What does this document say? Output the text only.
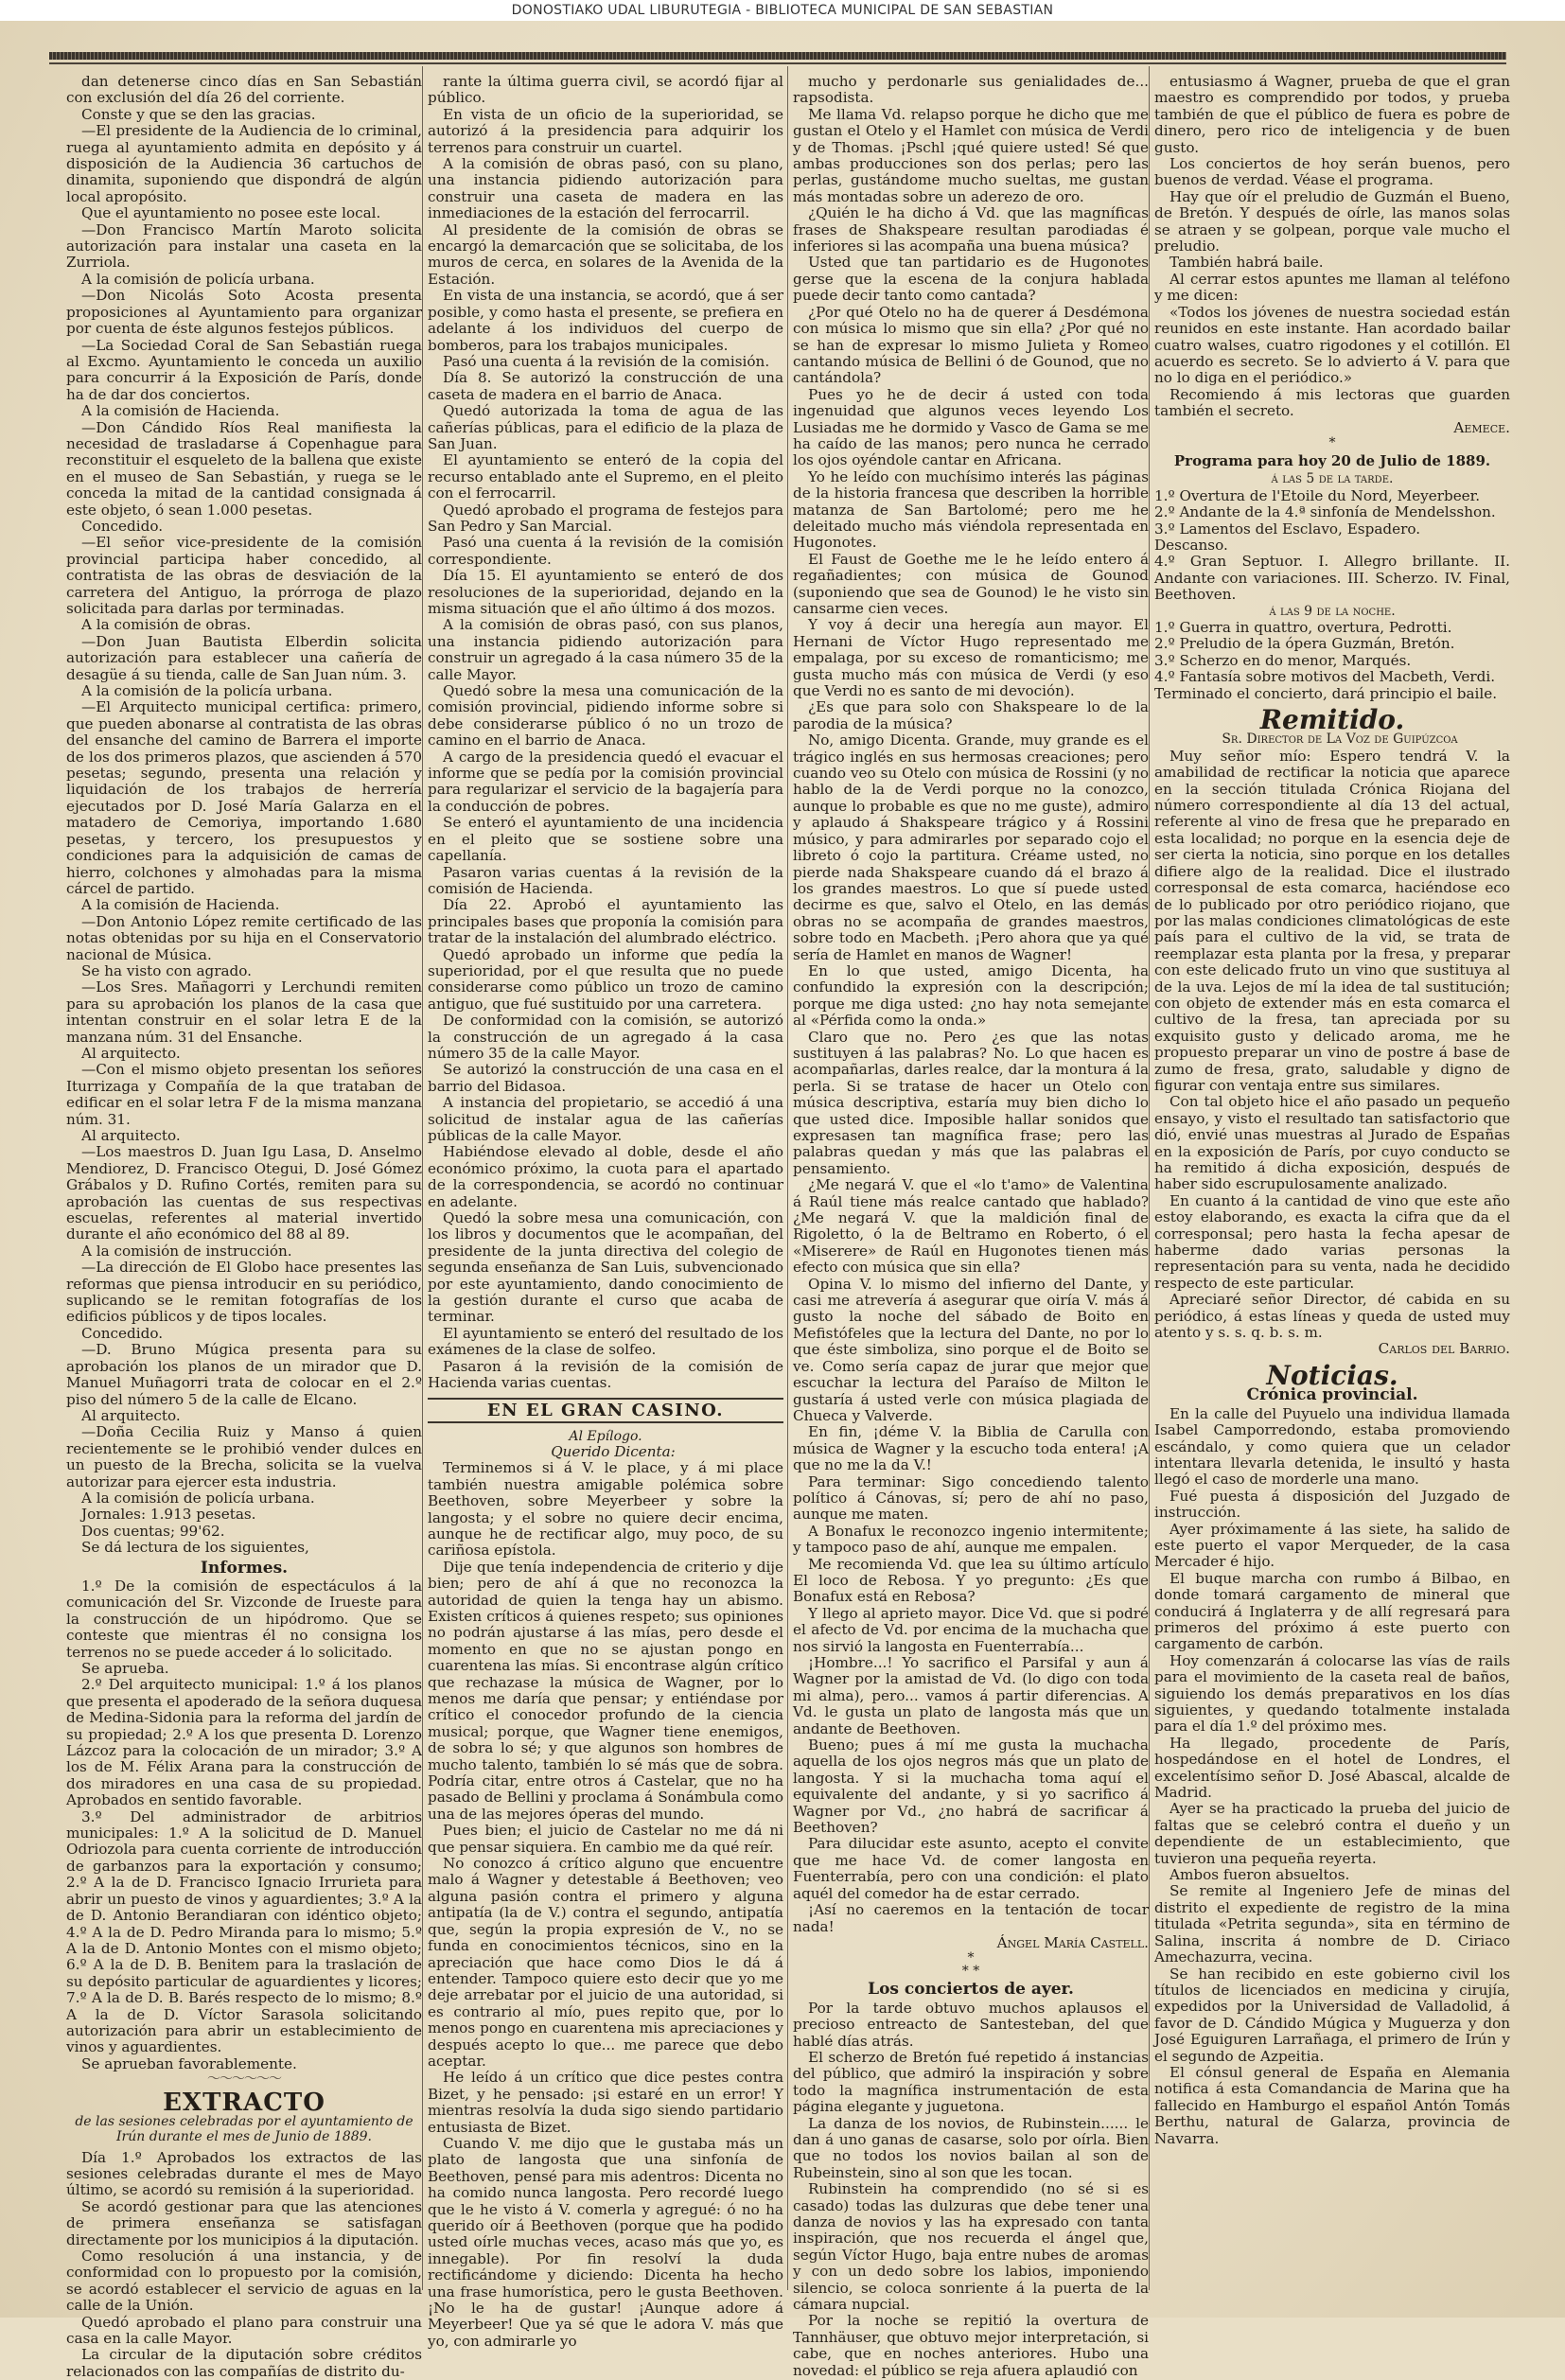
DONOSTIAKO UDAL LIBURUTEGIA - BIBLIOTECA MUNICIPAL DE SAN SEBASTIAN

dan detenerse cinco días en San Sebastián con exclusión del día 26 del corriente.

Conste y que se den las gracias.

—El presidente de la Audiencia de lo criminal, ruega al ayuntamiento admita en depósito y á disposición de la Audiencia 36 cartuchos de dinamita, suponiendo que dispondrá de algún local apropósito.

Que el ayuntamiento no posee este local.

—Don Francisco Martín Maroto solicita autorización para instalar una caseta en la Zurriola.

A la comisión de policía urbana.

—Don Nicolás Soto Acosta presenta proposiciones al Ayuntamiento para organizar por cuenta de éste algunos festejos públicos.

—La Sociedad Coral de San Sebastián ruega al Excmo. Ayuntamiento le conceda un auxilio para concurrir á la Exposición de París, donde ha de dar dos conciertos.

A la comisión de Hacienda.

—Don Cándido Ríos Real manifiesta la necesidad de trasladarse á Copenhague para reconstituir el esqueleto de la ballena que existe en el museo de San Sebastián, y ruega se le conceda la mitad de la cantidad consignada á este objeto, ó sean 1.000 pesetas.

Concedido.

—El señor vice-presidente de la comisión provincial participa haber concedido, al contratista de las obras de desviación de la carretera del Antiguo, la prórroga de plazo solicitada para darlas por terminadas.

A la comisión de obras.

—Don Juan Bautista Elberdin solicita autorización para establecer una cañería de desagüe á su tienda, calle de San Juan núm. 3.

A la comisión de la policía urbana.

—El Arquitecto municipal certifica: primero, que pueden abonarse al contratista de las obras del ensanche del camino de Barrera el importe de los dos primeros plazos, que ascienden á 570 pesetas; segundo, presenta una relación y liquidación de los trabajos de herrería ejecutados por D. José María Galarza en el matadero de Cemoriya, importando 1.680 pesetas, y tercero, los presupuestos y condiciones para la adquisición de camas de hierro, colchones y almohadas para la misma cárcel de partido.

A la comisión de Hacienda.

—Don Antonio López remite certificado de las notas obtenidas por su hija en el Conservatorio nacional de Música.

Se ha visto con agrado.

—Los Sres. Mañagorri y Lerchundi remiten para su aprobación los planos de la casa que intentan construir en el solar letra E de la manzana núm. 31 del Ensanche.

Al arquitecto.

—Con el mismo objeto presentan los señores Iturrizaga y Compañía de la que trataban de edificar en el solar letra F de la misma manzana núm. 31.

Al arquitecto.

—Los maestros D. Juan Igu Lasa, D. Anselmo Mendiorez, D. Francisco Otegui, D. José Gómez Grábalos y D. Rufino Cortés, remiten para su aprobación las cuentas de sus respectivas escuelas, referentes al material invertido durante el año económico del 88 al 89.

A la comisión de instrucción.

—La dirección de El Globo hace presentes las reformas que piensa introducir en su periódico, suplicando se le remitan fotografías de los edificios públicos y de tipos locales.

Concedido.

—D. Bruno Múgica presenta para su aprobación los planos de un mirador que D. Manuel Muñagorri trata de colocar en el 2.º piso del número 5 de la calle de Elcano.

Al arquitecto.

—Doña Cecilia Ruiz y Manso á quien recientemente se le prohibió vender dulces en un puesto de la Brecha, solicita se la vuelva autorizar para ejercer esta industria.

A la comisión de policía urbana.

Jornales: 1.913 pesetas.

Dos cuentas; 99'62.

Se dá lectura de los siguientes,

Informes.

1.º De la comisión de espectáculos á la comunicación del Sr. Vizconde de Irueste para la construcción de un hipódromo. Que se conteste que mientras él no consigna los terrenos no se puede acceder á lo solicitado.

Se aprueba.

2.º Del arquitecto municipal: 1.º á los planos que presenta el apoderado de la señora duquesa de Medina-Sidonia para la reforma del jardín de su propiedad; 2.º A los que presenta D. Lorenzo Lázcoz para la colocación de un mirador; 3.º A los de M. Félix Arana para la construcción de dos miradores en una casa de su propiedad. Aprobados en sentido favorable.

3.º Del administrador de arbitrios municipales: 1.º A la solicitud de D. Manuel Odriozola para cuenta corriente de introducción de garbanzos para la exportación y consumo; 2.º A la de D. Francisco Ignacio Irrurieta para abrir un puesto de vinos y aguardientes; 3.º A la de D. Antonio Berandiaran con idéntico objeto; 4.º A la de D. Pedro Miranda para lo mismo; 5.º A la de D. Antonio Montes con el mismo objeto; 6.º A la de D. B. Benitem para la traslación de su depósito particular de aguardientes y licores; 7.º A la de D. B. Barés respecto de lo mismo; 8.º A la de D. Víctor Sarasola solicitando autorización para abrir un establecimiento de vinos y aguardientes.

Se aprueban favorablemente.

〜〜〜〜〜〜
EXTRACTO
de las sesiones celebradas por el ayuntamiento de Irún durante el mes de Junio de 1889.

Día 1.º Aprobados los extractos de las sesiones celebradas durante el mes de Mayo último, se acordó su remisión á la superioridad.

Se acordó gestionar para que las atenciones de primera enseñanza se satisfagan directamente por los municipios á la diputación.

Como resolución á una instancia, y de conformidad con lo propuesto por la comisión, se acordó establecer el servicio de aguas en la calle de la Unión.

Quedó aprobado el plano para construir una casa en la calle Mayor.

La circular de la diputación sobre créditos relacionados con las compañías de distrito du-

rante la última guerra civil, se acordó fijar al público.

En vista de un oficio de la superioridad, se autorizó á la presidencia para adquirir los terrenos para construir un cuartel.

A la comisión de obras pasó, con su plano, una instancia pidiendo autorización para construir una caseta de madera en las inmediaciones de la estación del ferrocarril.

Al presidente de la comisión de obras se encargó la demarcación que se solicitaba, de los muros de cerca, en solares de la Avenida de la Estación.

En vista de una instancia, se acordó, que á ser posible, y como hasta el presente, se prefiera en adelante á los individuos del cuerpo de bomberos, para los trabajos municipales.

Pasó una cuenta á la revisión de la comisión.

Día 8. Se autorizó la construcción de una caseta de madera en el barrio de Anaca.

Quedó autorizada la toma de agua de las cañerías públicas, para el edificio de la plaza de San Juan.

El ayuntamiento se enteró de la copia del recurso entablado ante el Supremo, en el pleito con el ferrocarril.

Quedó aprobado el programa de festejos para San Pedro y San Marcial.

Pasó una cuenta á la revisión de la comisión correspondiente.

Día 15. El ayuntamiento se enteró de dos resoluciones de la superioridad, dejando en la misma situación que el año último á dos mozos.

A la comisión de obras pasó, con sus planos, una instancia pidiendo autorización para construir un agregado á la casa número 35 de la calle Mayor.

Quedó sobre la mesa una comunicación de la comisión provincial, pidiendo informe sobre si debe considerarse público ó no un trozo de camino en el barrio de Anaca.

A cargo de la presidencia quedó el evacuar el informe que se pedía por la comisión provincial para regularizar el servicio de la bagajería para la conducción de pobres.

Se enteró el ayuntamiento de una incidencia en el pleito que se sostiene sobre una capellanía.

Pasaron varias cuentas á la revisión de la comisión de Hacienda.

Día 22. Aprobó el ayuntamiento las principales bases que proponía la comisión para tratar de la instalación del alumbrado eléctrico.

Quedó aprobado un informe que pedía la superioridad, por el que resulta que no puede considerarse como público un trozo de camino antiguo, que fué sustituido por una carretera.

De conformidad con la comisión, se autorizó la construcción de un agregado á la casa número 35 de la calle Mayor.

Se autorizó la construcción de una casa en el barrio del Bidasoa.

A instancia del propietario, se accedió á una solicitud de instalar agua de las cañerías públicas de la calle Mayor.

Habiéndose elevado al doble, desde el año económico próximo, la cuota para el apartado de la correspondencia, se acordó no continuar en adelante.

Quedó la sobre mesa una comunicación, con los libros y documentos que le acompañan, del presidente de la junta directiva del colegio de segunda enseñanza de San Luis, subvencionado por este ayuntamiento, dando conocimiento de la gestión durante el curso que acaba de terminar.

El ayuntamiento se enteró del resultado de los exámenes de la clase de solfeo.

Pasaron á la revisión de la comisión de Hacienda varias cuentas.

EN EL GRAN CASINO.
Al Epílogo.

Querido Dicenta:

Terminemos si á V. le place, y á mi place también nuestra amigable polémica sobre Beethoven, sobre Meyerbeer y sobre la langosta; y el sobre no quiere decir encima, aunque he de rectificar algo, muy poco, de su cariñosa epístola.

Dije que tenía independencia de criterio y dije bien; pero de ahí á que no reconozca la autoridad de quien la tenga hay un abismo. Existen críticos á quienes respeto; sus opiniones no podrán ajustarse á las mías, pero desde el momento en que no se ajustan pongo en cuarentena las mías. Si encontrase algún crítico que rechazase la música de Wagner, por lo menos me daría que pensar; y entiéndase por crítico el conocedor profundo de la ciencia musical; porque, que Wagner tiene enemigos, de sobra lo sé; y que algunos son hombres de mucho talento, también lo sé más que de sobra. Podría citar, entre otros á Castelar, que no ha pasado de Bellini y proclama á Sonámbula como una de las mejores óperas del mundo.

Pues bien; el juicio de Castelar no me dá ni que pensar siquiera. En cambio me da qué reír.

No conozco á crítico alguno que encuentre malo á Wagner y detestable á Beethoven; veo alguna pasión contra el primero y alguna antipatía (la de V.) contra el segundo, antipatía que, según la propia expresión de V., no se funda en conocimientos técnicos, sino en la apreciación que hace como Dios le dá á entender. Tampoco quiere esto decir que yo me deje arrebatar por el juicio de una autoridad, si es contrario al mío, pues repito que, por lo menos pongo en cuarentena mis apreciaciones y después acepto lo que... me parece que debo aceptar.

He leído á un crítico que dice pestes contra Bizet, y he pensado: ¡si estaré en un error! Y mientras resolvía la duda sigo siendo partidario entusiasta de Bizet.

Cuando V. me dijo que le gustaba más un plato de langosta que una sinfonía de Beethoven, pensé para mis adentros: Dicenta no ha comido nunca langosta. Pero recordé luego que le he visto á V. comerla y agregué: ó no ha querido oír á Beethoven (porque que ha podido usted oírle muchas veces, acaso más que yo, es innegable). Por fin resolví la duda rectificándome y diciendo: Dicenta ha hecho una frase humorística, pero le gusta Beethoven. ¡No le ha de gustar! ¡Aunque adore á Meyerbeer! Que ya sé que le adora V. más que yo, con admirarle yo

mucho y perdonarle sus genialidades de... rapsodista.

Me llama Vd. relapso porque he dicho que me gustan el Otelo y el Hamlet con música de Verdi y de Thomas. ¡Pschl ¡qué quiere usted! Sé que ambas producciones son dos perlas; pero las perlas, gustándome mucho sueltas, me gustan más montadas sobre un aderezo de oro.

¿Quién le ha dicho á Vd. que las magníficas frases de Shakspeare resultan parodiadas é inferiores si las acompaña una buena música?

Usted que tan partidario es de Hugonotes gerse que la escena de la conjura hablada puede decir tanto como cantada?

¿Por qué Otelo no ha de querer á Desdémona con música lo mismo que sin ella? ¿Por qué no se han de expresar lo mismo Julieta y Romeo cantando música de Bellini ó de Gounod, que no cantándola?

Pues yo he de decir á usted con toda ingenuidad que algunos veces leyendo Los Lusiadas me he dormido y Vasco de Gama se me ha caído de las manos; pero nunca he cerrado los ojos oyéndole cantar en Africana.

Yo he leído con muchísimo interés las páginas de la historia francesa que describen la horrible matanza de San Bartolomé; pero me he deleitado mucho más viéndola representada en Hugonotes.

El Faust de Goethe me le he leído entero á regañadientes; con música de Gounod (suponiendo que sea de Gounod) le he visto sin cansarme cien veces.

Y voy á decir una heregía aun mayor. El Hernani de Víctor Hugo representado me empalaga, por su exceso de romanticismo; me gusta mucho más con música de Verdi (y eso que Verdi no es santo de mi devoción).

¿Es que para solo con Shakspeare lo de la parodia de la música?

No, amigo Dicenta. Grande, muy grande es el trágico inglés en sus hermosas creaciones; pero cuando veo su Otelo con música de Rossini (y no hablo de la de Verdi porque no la conozco, aunque lo probable es que no me guste), admiro y aplaudo á Shakspeare trágico y á Rossini músico, y para admirarles por separado cojo el libreto ó cojo la partitura. Créame usted, no pierde nada Shakspeare cuando dá el brazo á los grandes maestros. Lo que sí puede usted decirme es que, salvo el Otelo, en las demás obras no se acompaña de grandes maestros, sobre todo en Macbeth. ¡Pero ahora que ya qué sería de Hamlet en manos de Wagner!

En lo que usted, amigo Dicenta, ha confundido la expresión con la descripción; porque me diga usted: ¿no hay nota semejante al «Pérfida como la onda.»

Claro que no. Pero ¿es que las notas sustituyen á las palabras? No. Lo que hacen es acompañarlas, darles realce, dar la montura á la perla. Si se tratase de hacer un Otelo con música descriptiva, estaría muy bien dicho lo que usted dice. Imposible hallar sonidos que expresasen tan magnífica frase; pero las palabras quedan y más que las palabras el pensamiento.

¿Me negará V. que el «lo t'amo» de Valentina á Raúl tiene más realce cantado que hablado? ¿Me negará V. que la maldición final de Rigoletto, ó la de Beltramo en Roberto, ó el «Miserere» de Raúl en Hugonotes tienen más efecto con música que sin ella?

Opina V. lo mismo del infierno del Dante, y casi me atrevería á asegurar que oiría V. más á gusto la noche del sábado de Boito en Mefistófeles que la lectura del Dante, no por lo que éste simboliza, sino porque el de Boito se ve. Como sería capaz de jurar que mejor que escuchar la lectura del Paraíso de Milton le gustaría á usted verle con música plagiada de Chueca y Valverde.

En fin, ¡déme V. la Biblia de Carulla con música de Wagner y la escucho toda entera! ¡A que no me la da V.!

Para terminar: Sigo concediendo talento político á Cánovas, sí; pero de ahí no paso, aunque me maten.

A Bonafux le reconozco ingenio intermitente; y tampoco paso de ahí, aunque me empalen.

Me recomienda Vd. que lea su último artículo El loco de Rebosa. Y yo pregunto: ¿Es que Bonafux está en Rebosa?

Y llego al aprieto mayor. Dice Vd. que si podré el afecto de Vd. por encima de la muchacha que nos sirvió la langosta en Fuenterrabía...

¡Hombre...! Yo sacrifico el Parsifal y aun á Wagner por la amistad de Vd. (lo digo con toda mi alma), pero... vamos á partir diferencias. A Vd. le gusta un plato de langosta más que un andante de Beethoven.

Bueno; pues á mí me gusta la muchacha aquella de los ojos negros más que un plato de langosta. Y si la muchacha toma aquí el equivalente del andante, y si yo sacrifico á Wagner por Vd., ¿no habrá de sacrificar á Beethoven?

Para dilucidar este asunto, acepto el convite que me hace Vd. de comer langosta en Fuenterrabía, pero con una condición: el plato aquél del comedor ha de estar cerrado.

¡Así no caeremos en la tentación de tocar nada!

Ángel María Castell.

*
* *
Los conciertos de ayer.

Por la tarde obtuvo muchos aplausos el precioso entreacto de Santesteban, del que hablé días atrás.

El scherzo de Bretón fué repetido á instancias del público, que admiró la inspiración y sobre todo la magnífica instrumentación de esta página elegante y juguetona.

La danza de los novios, de Rubinstein...... le dan á uno ganas de casarse, solo por oírla. Bien que no todos los novios bailan al son de Rubeinstein, sino al son que les tocan.

Rubinstein ha comprendido (no sé si es casado) todas las dulzuras que debe tener una danza de novios y las ha expresado con tanta inspiración, que nos recuerda el ángel que, según Víctor Hugo, baja entre nubes de aromas y con un dedo sobre los labios, imponiendo silencio, se coloca sonriente á la puerta de la cámara nupcial.

Por la noche se repitió la overtura de Tannhäuser, que obtuvo mejor interpretación, si cabe, que en noches anteriores. Hubo una novedad: el público se reja afuera aplaudió con

entusiasmo á Wagner, prueba de que el gran maestro es comprendido por todos, y prueba también de que el público de fuera es pobre de dinero, pero rico de inteligencia y de buen gusto.

Los conciertos de hoy serán buenos, pero buenos de verdad. Véase el programa.

Hay que oír el preludio de Guzmán el Bueno, de Bretón. Y después de oírle, las manos solas se atraen y se golpean, porque vale mucho el preludio.

También habrá baile.

Al cerrar estos apuntes me llaman al teléfono y me dicen:

«Todos los jóvenes de nuestra sociedad están reunidos en este instante. Han acordado bailar cuatro walses, cuatro rigodones y el cotillón. El acuerdo es secreto. Se lo advierto á V. para que no lo diga en el periódico.»

Recomiendo á mis lectoras que guarden también el secreto.

Aemece.

*
Programa para hoy 20 de Julio de 1889.
á las 5 de la tarde.

1.º Overtura de l'Etoile du Nord, Meyerbeer.

2.º Andante de la 4.ª sinfonía de Mendelsshon.

3.º Lamentos del Esclavo, Espadero.

Descanso.

4.º Gran Septuor. I. Allegro brillante. II. Andante con variaciones. III. Scherzo. IV. Final, Beethoven.

á las 9 de la noche.

1.º Guerra in quattro, overtura, Pedrotti.

2.º Preludio de la ópera Guzmán, Bretón.

3.º Scherzo en do menor, Marqués.

4.º Fantasía sobre motivos del Macbeth, Verdi.

Terminado el concierto, dará principio el baile.

Remitido.

Sr. Director de La Voz de Guipúzcoa

Muy señor mío: Espero tendrá V. la amabilidad de rectificar la noticia que aparece en la sección titulada Crónica Riojana del número correspondiente al día 13 del actual, referente al vino de fresa que he preparado en esta localidad; no porque en la esencia deje de ser cierta la noticia, sino porque en los detalles difiere algo de la realidad. Dice el ilustrado corresponsal de esta comarca, haciéndose eco de lo publicado por otro periódico riojano, que por las malas condiciones climatológicas de este país para el cultivo de la vid, se trata de reemplazar esta planta por la fresa, y preparar con este delicado fruto un vino que sustituya al de la uva. Lejos de mí la idea de tal sustitución; con objeto de extender más en esta comarca el cultivo de la fresa, tan apreciada por su exquisito gusto y delicado aroma, me he propuesto preparar un vino de postre á base de zumo de fresa, grato, saludable y digno de figurar con ventaja entre sus similares.

Con tal objeto hice el año pasado un pequeño ensayo, y visto el resultado tan satisfactorio que dió, envié unas muestras al Jurado de Españas en la exposición de París, por cuyo conducto se ha remitido á dicha exposición, después de haber sido escrupulosamente analizado.

En cuanto á la cantidad de vino que este año estoy elaborando, es exacta la cifra que da el corresponsal; pero hasta la fecha apesar de haberme dado varias personas la representación para su venta, nada he decidido respecto de este particular.

Apreciaré señor Director, dé cabida en su periódico, á estas líneas y queda de usted muy atento y s. s. q. b. s. m.

Carlos del Barrio.

Noticias.
Crónica provincial.

En la calle del Puyuelo una individua llamada Isabel Camporredondo, estaba promoviendo escándalo, y como quiera que un celador intentara llevarla detenida, le insultó y hasta llegó el caso de morderle una mano.

Fué puesta á disposición del Juzgado de instrucción.

Ayer próximamente á las siete, ha salido de este puerto el vapor Merqueder, de la casa Mercader é hijo.

El buque marcha con rumbo á Bilbao, en donde tomará cargamento de mineral que conducirá á Inglaterra y de allí regresará para primeros del próximo á este puerto con cargamento de carbón.

Hoy comenzarán á colocarse las vías de rails para el movimiento de la caseta real de baños, siguiendo los demás preparativos en los días siguientes, y quedando totalmente instalada para el día 1.º del próximo mes.

Ha llegado, procedente de París, hospedándose en el hotel de Londres, el excelentísimo señor D. José Abascal, alcalde de Madrid.

Ayer se ha practicado la prueba del juicio de faltas que se celebró contra el dueño y un dependiente de un establecimiento, que tuvieron una pequeña reyerta.

Ambos fueron absueltos.

Se remite al Ingeniero Jefe de minas del distrito el expediente de registro de la mina titulada «Petrita segunda», sita en término de Salina, inscrita á nombre de D. Ciriaco Amechazurra, vecina.

Se han recibido en este gobierno civil los títulos de licenciados en medicina y cirujía, expedidos por la Universidad de Valladolid, á favor de D. Cándido Múgica y Muguerza y don José Eguiguren Larrañaga, el primero de Irún y el segundo de Azpeitia.

El cónsul general de España en Alemania notifica á esta Comandancia de Marina que ha fallecido en Hamburgo el español Antón Tomás Berthu, natural de Galarza, provincia de Navarra.
